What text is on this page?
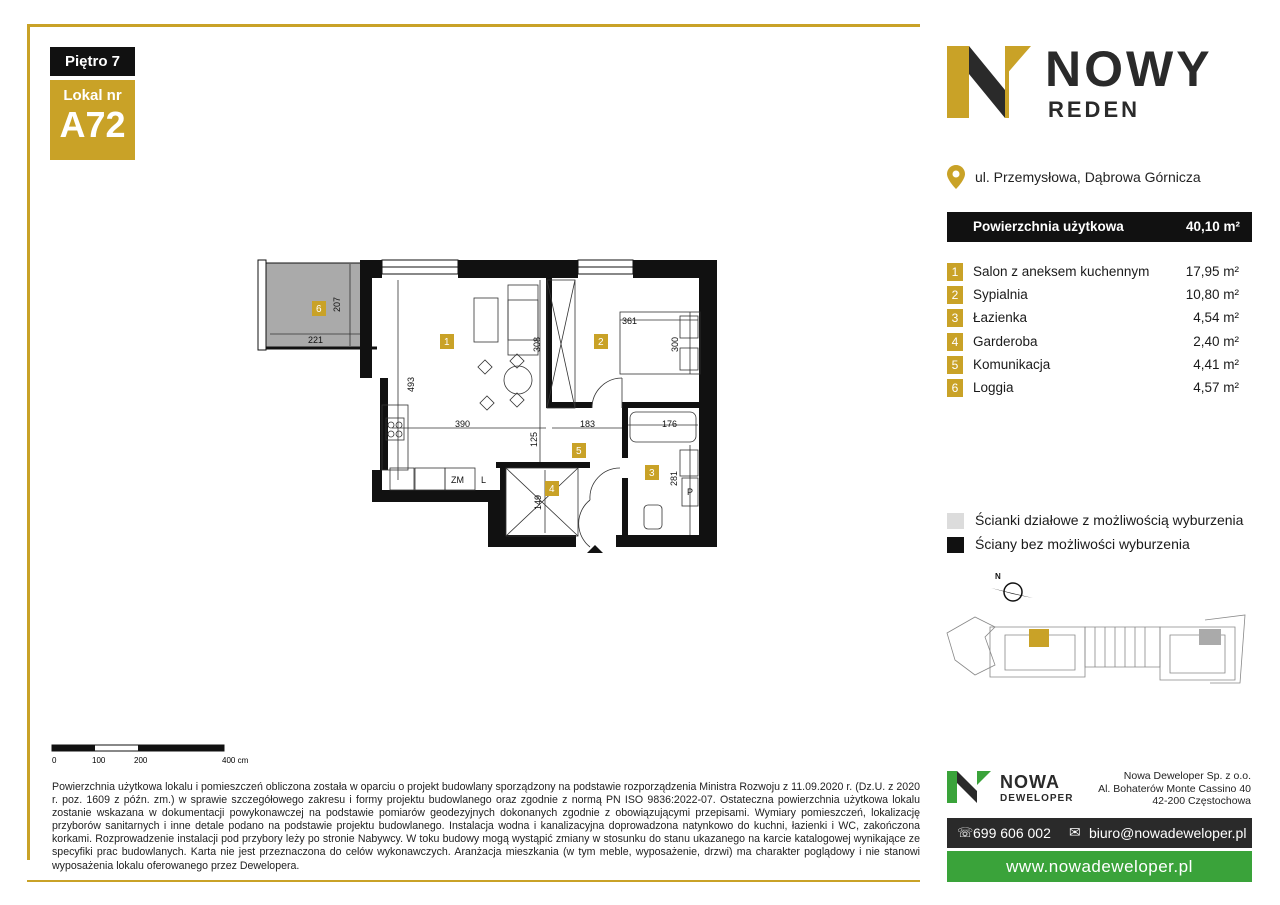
Piętro 7
Lokal nr
A72
NOWY
REDEN
ul. Przemysłowa, Dąbrowa Górnicza
Powierzchnia użytkowa	40,10 m²
1	Salon z aneksem kuchennym	17,95 m²
2	Sypialnia	10,80 m²
3	Łazienka	4,54 m²
4	Garderoba	2,40 m²
5	Komunikacja	4,41 m²
6	Loggia	4,57 m²
Ścianki działowe z możliwością wyburzenia
Ściany bez możliwości wyburzenia
N
207
221
493
308
361
300
390	183	176
125
281
149
ZM L
P
1	2
3
4
5
6
0	100	200	400 cm
Powierzchnia użytkowa lokalu i pomieszczeń obliczona została w oparciu o projekt budowlany sporządzony na podstawie rozporządzenia Ministra Rozwoju z 11.09.2020 r. (Dz.U. z 2020 r. poz. 1609 z późn. zm.) w sprawie szczegółowego zakresu i formy projektu budowlanego oraz zgodnie z normą PN ISO 9836:2022-07. Ostateczna powierzchnia użytkowa lokalu zostanie wskazana w dokumentacji powykonawczej na podstawie pomiarów geodezyjnych dokonanych zgodnie z obowiązującymi przepisami. Wymiary pomieszczeń, lokalizację przyborów sanitarnych i inne detale podano na podstawie projektu budowlanego. Instalacja wodna i kanalizacyjna doprowadzona natynkowo do kuchni, łazienki i WC, zakończona korkami. Rozprowadzenie instalacji pod przybory leży po stronie Nabywcy. W toku budowy mogą wystąpić zmiany w stosunku do stanu ukazanego na karcie katalogowej wynikające ze specyfiki prac budowlanych. Karta nie jest przeznaczona do celów wykonawczych. Aranżacja mieszkania (w tym meble, wyposażenie, drzwi) ma charakter poglądowy i nie stanowi wyposażenia lokalu oferowanego przez Dewelopera.
NOWA
DEWELOPER
Nowa Deweloper Sp. z o.o.
Al. Bohaterów Monte Cassino 40
42-200 Częstochowa
☏ 699 606 002 ✉ biuro@nowadeweloper.pl
www.nowadeweloper.pl
